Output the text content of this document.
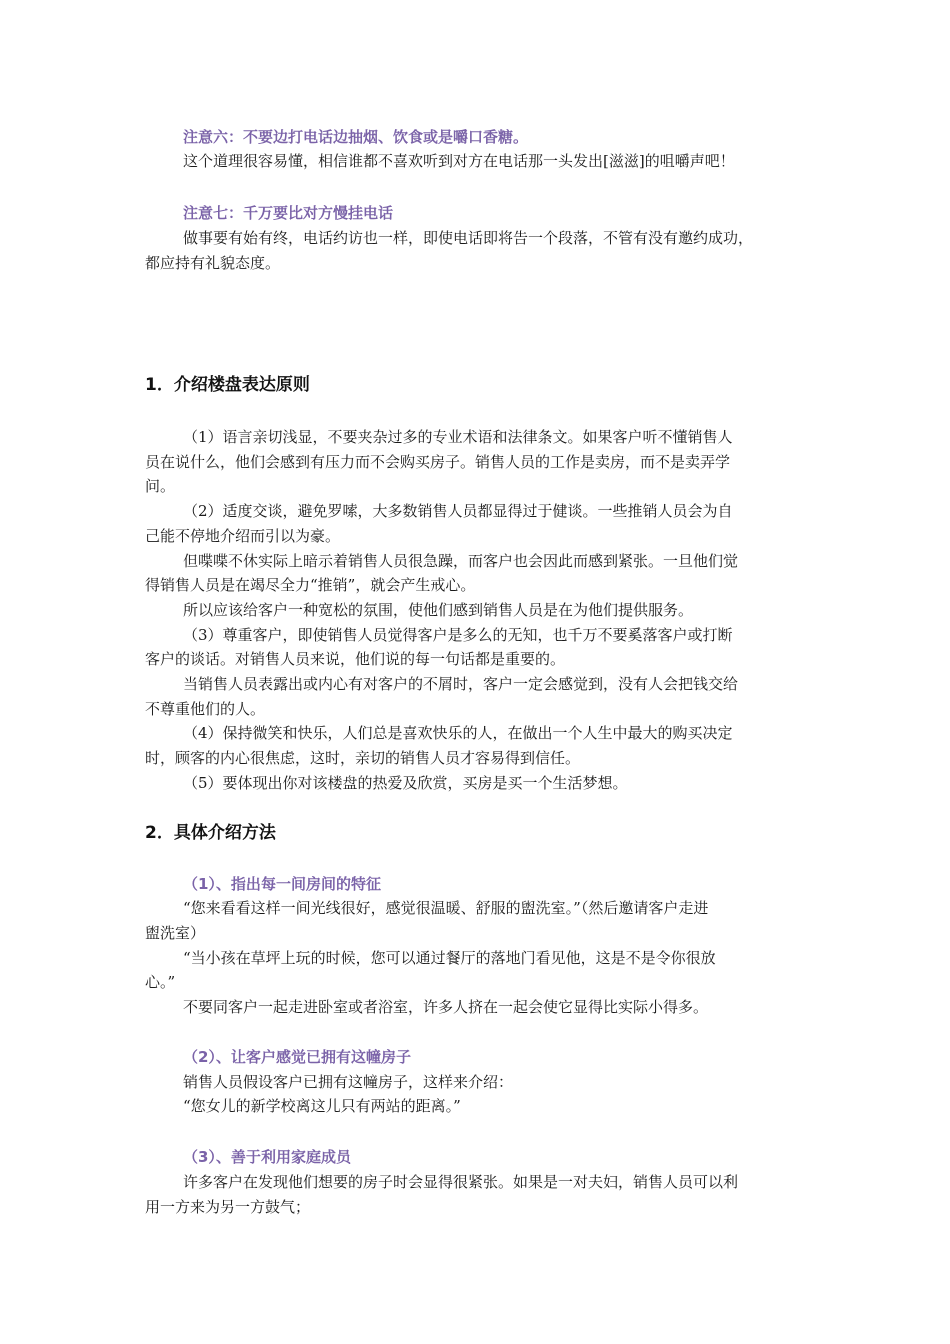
注意六：不要边打电话边抽烟、饮食或是嚼口香糖。
这个道理很容易懂，相信谁都不喜欢听到对方在电话那一头发出[滋滋]的咀嚼声吧！
注意七：千万要比对方慢挂电话
做事要有始有终，电话约访也一样，即使电话即将告一个段落，不管有没有邀约成功，
都应持有礼貌态度。
1．介绍楼盘表达原则
（1）语言亲切浅显，不要夹杂过多的专业术语和法律条文。如果客户听不懂销售人
员在说什么，他们会感到有压力而不会购买房子。销售人员的工作是卖房，而不是卖弄学
问。
（2）适度交谈，避免罗嗦，大多数销售人员都显得过于健谈。一些推销人员会为自
己能不停地介绍而引以为豪。
但喋喋不休实际上暗示着销售人员很急躁，而客户也会因此而感到紧张。一旦他们觉
得销售人员是在竭尽全力“推销”，就会产生戒心。
所以应该给客户一种宽松的氛围，使他们感到销售人员是在为他们提供服务。
（3）尊重客户，即使销售人员觉得客户是多么的无知，也千万不要奚落客户或打断
客户的谈话。对销售人员来说，他们说的每一句话都是重要的。
当销售人员表露出或内心有对客户的不屑时，客户一定会感觉到，没有人会把钱交给
不尊重他们的人。
（4）保持微笑和快乐，人们总是喜欢快乐的人，在做出一个人生中最大的购买决定
时，顾客的内心很焦虑，这时，亲切的销售人员才容易得到信任。
（5）要体现出你对该楼盘的热爱及欣赏，买房是买一个生活梦想。
2．具体介绍方法
（1）、指出每一间房间的特征
“您来看看这样一间光线很好，感觉很温暖、舒服的盥洗室。”（然后邀请客户走进
盥洗室）
“当小孩在草坪上玩的时候，您可以通过餐厅的落地门看见他，这是不是令你很放
心。”
不要同客户一起走进卧室或者浴室，许多人挤在一起会使它显得比实际小得多。
（2）、让客户感觉已拥有这幢房子
销售人员假设客户已拥有这幢房子，这样来介绍：
“您女儿的新学校离这儿只有两站的距离。”
（3）、善于利用家庭成员
许多客户在发现他们想要的房子时会显得很紧张。如果是一对夫妇，销售人员可以利
用一方来为另一方鼓气；
